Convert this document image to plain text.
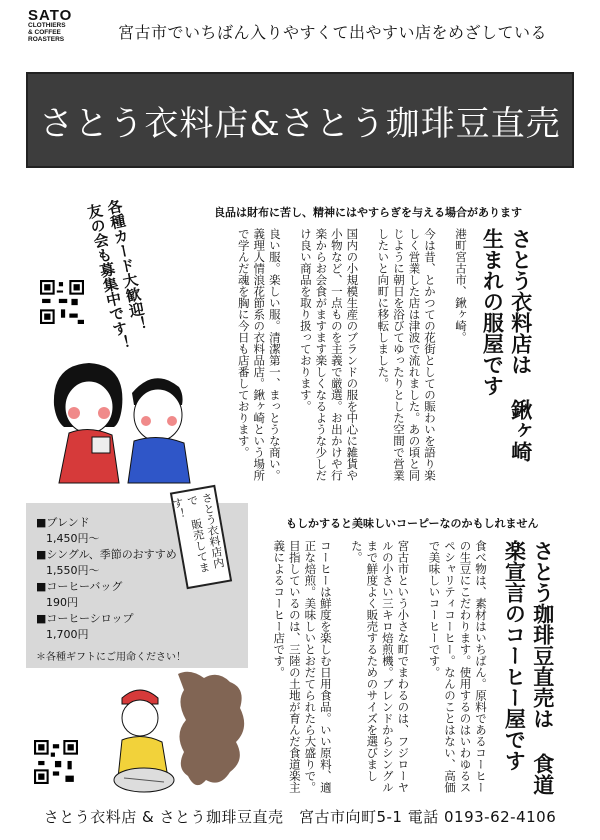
SATO
CLOTHIERS
& COFFEE
ROASTERS	宮古市でいちばん入りやすくて出やすい店をめざしている
さとう衣料店&さとう珈琲豆直売
良品は財布に苦し、精神にはやすらぎを与える場合があります
さとう衣料店は 鍬ヶ崎生まれの服屋です
港町宮古市、鍬ヶ崎。

今は昔、とかつての花街としての賑わいを語り楽しく営業した店は津波で流れました。あの頃と同じように朝日を浴びてゆったりとした空間で営業したいと向町に移転しました。

国内の小規模生産のブランドの服を中心に雑貨や小物など、一点ものを主義で厳選。お出かけや行楽からお会食がますます楽しくなるような少しだけ良い商品を取り扱っております。

良い服。楽しい服。清潔第一、まっとうな商い。義理人情浪花節系の衣料品店。鍬ヶ崎という場所で学んだ魂を胸に今日も店番しております。
各種カード大歓迎！ 友の会も募集中です！
もしかすると美味しいコーピーなのかもしれません
さとう珈琲豆直売は 食道楽宣言のコーヒー屋です
食べ物は、素材はいちばん。原料であるコーヒーの生豆にこだわります。使用するのはいわゆるスペシャリティコーヒー。なんのことはない、高価で美味しいコーヒーです。

宮古市という小さな町でまわるのは、フジローヤルの小さい三キロ焙煎機。ブレンドからシングルまで鮮度よく販売するためのサイズを選びました。

コーヒーは鮮度を楽しむ日用食品。いい原料、適正な焙煎。美味しいとおだてられたら大盛りで。目指しているのは、三陸の土地が育んだ食道楽主義によるコーヒー店です。
■ブレンド
1,450円〜
■シングル、季節のおすすめ
1,550円〜
■コーヒーバッグ
190円
■コーヒーシロップ
1,700円
＊各種ギフトにご用命ください！
さとう衣料店内で 販売してます！
さとう衣料店 & さとう珈琲豆直売　宮古市向町5-1 電話 0193-62-4106
